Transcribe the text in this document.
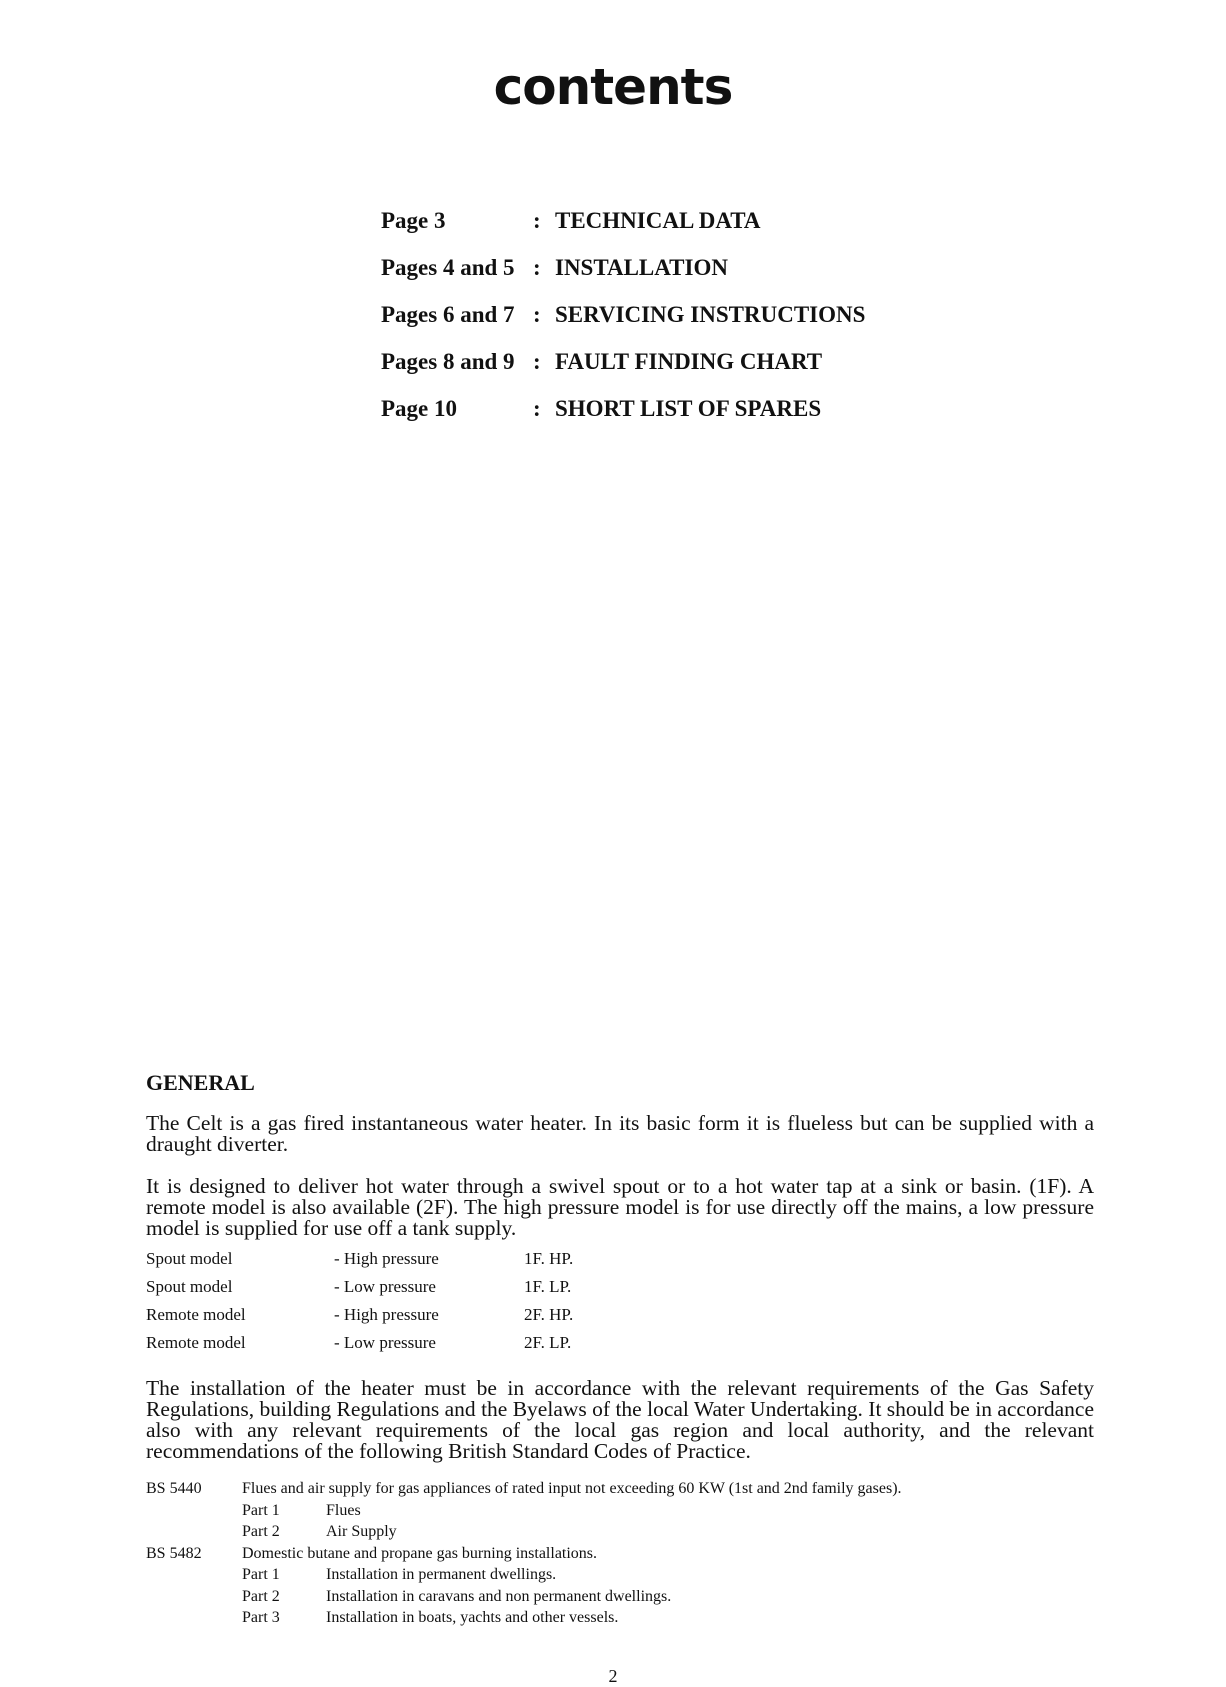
contents
Page 3	: TECHNICAL DATA
Pages 4 and 5 : INSTALLATION
Pages 6 and 7 : SERVICING INSTRUCTIONS
Pages 8 and 9 : FAULT FINDING CHART
Page 10	: SHORT LIST OF SPARES
GENERAL

The Celt is a gas fired instantaneous water heater. In its basic form it is flueless but can be supplied with a draught diverter.

It is designed to deliver hot water through a swivel spout or to a hot water tap at a sink or basin. (1F). A remote model is also available (2F). The high pressure model is for use directly off the mains, a low pressure model is supplied for use off a tank supply.

Spout model	- High pressure	1F. HP.
Spout model	- Low pressure	1F. LP.
Remote model	- High pressure	2F. HP.
Remote model	- Low pressure	2F. LP.

The installation of the heater must be in accordance with the relevant requirements of the Gas Safety Regulations, building Regulations and the Byelaws of the local Water Undertaking. It should be in accordance also with any relevant requirements of the local gas region and local authority, and the relevant recommendations of the following British Standard Codes of Practice.

BS 5440	Flues and air supply for gas appliances of rated input not exceeding 60 KW (1st and 2nd family gases).
Part 1	Flues
Part 2	Air Supply
BS 5482	Domestic butane and propane gas burning installations.
Part 1	Installation in permanent dwellings.
Part 2	Installation in caravans and non permanent dwellings.
Part 3	Installation in boats, yachts and other vessels.
2
